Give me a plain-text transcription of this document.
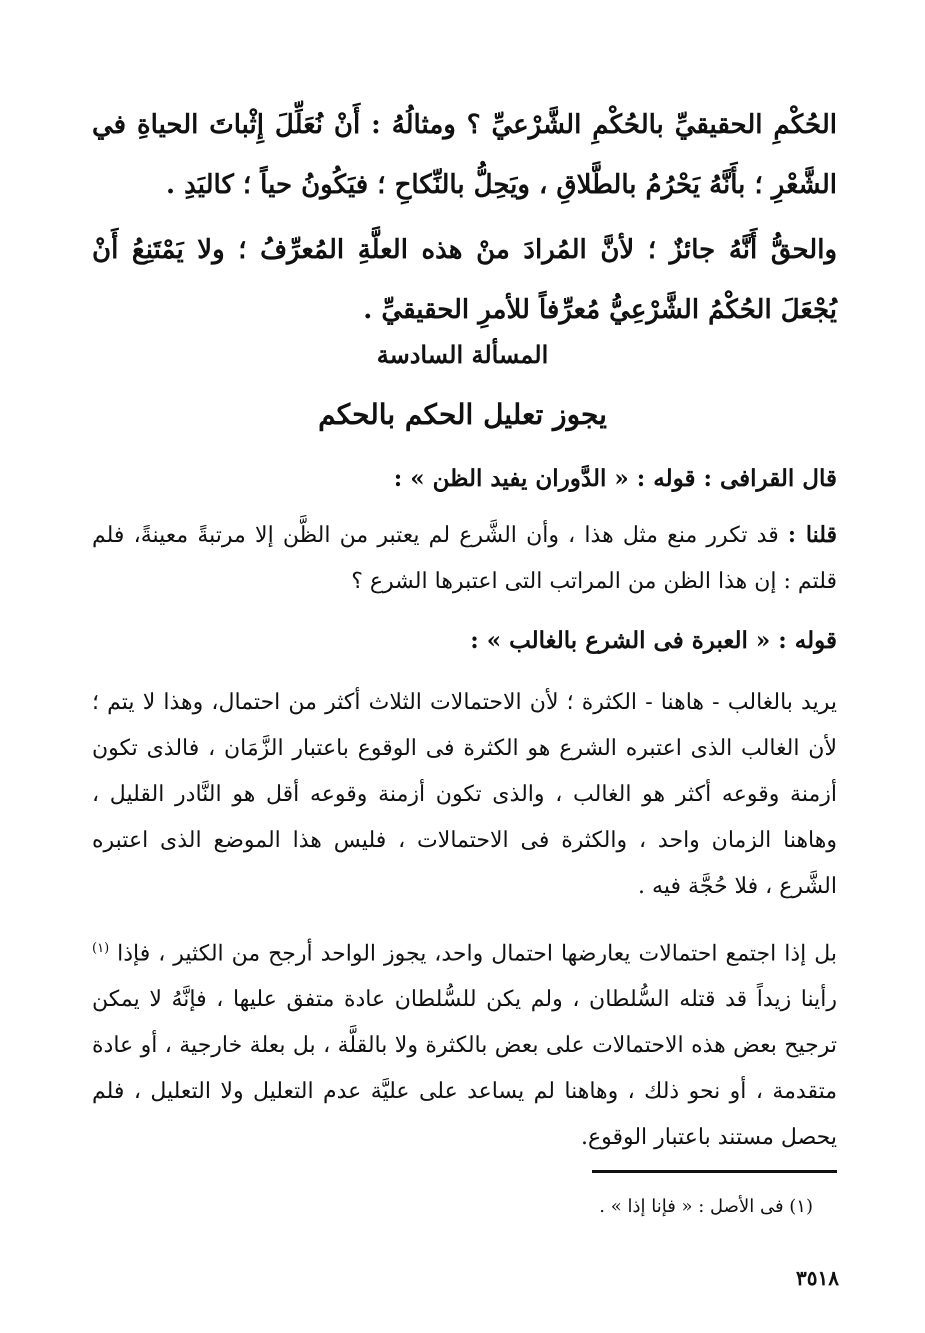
الحُكْمِ الحقيقيِّ بالحُكْمِ الشَّرْعيِّ ؟ ومثالُهُ : أَنْ نُعَلِّلَ إِثْباتَ الحياةِ في الشَّعْرِ ؛ بأَنَّهُ يَحْرُمُ بالطَّلاقِ ، ويَحِلُّ بالنِّكاحِ ؛ فيَكُونُ حياً ؛ كاليَدِ .

والحقُّ أَنَّهُ جائزٌ ؛ لأنَّ المُرادَ منْ هذه العلَّةِ المُعرِّفُ ؛ ولا يَمْتَنِعُ أَنْ يُجْعَلَ الحُكْمُ الشَّرْعِيُّ مُعرِّفاً للأمرِ الحقيقيِّ .

المسألة السادسة
يجوز تعليل الحكم بالحكم

قال القرافى : قوله : « الدَّوران يفيد الظن » :

قلنا : قد تكرر منع مثل هذا ، وأن الشَّرع لم يعتبر من الظَّن إلا مرتبةً معينةً، فلم قلتم : إن هذا الظن من المراتب التى اعتبرها الشرع ؟

قوله : « العبرة فى الشرع بالغالب » :

يريد بالغالب - هاهنا - الكثرة ؛ لأن الاحتمالات الثلاث أكثر من احتمال، وهذا لا يتم ؛ لأن الغالب الذى اعتبره الشرع هو الكثرة فى الوقوع باعتبار الزَّمَان ، فالذى تكون أزمنة وقوعه أكثر هو الغالب ، والذى تكون أزمنة وقوعه أقل هو النَّادر القليل ، وهاهنا الزمان واحد ، والكثرة فى الاحتمالات ، فليس هذا الموضع الذى اعتبره الشَّرع ، فلا حُجَّة فيه .

بل إذا اجتمع احتمالات يعارضها احتمال واحد، يجوز الواحد أرجح من الكثير ، فإذا $^{(١)}$ رأينا زيداً قد قتله السُّلطان ، ولم يكن للسُّلطان عادة متفق عليها ، فإنَّهُ لا يمكن ترجيح بعض هذه الاحتمالات على بعض بالكثرة ولا بالقلَّة ، بل بعلة خارجية ، أو عادة متقدمة ، أو نحو ذلك ، وهاهنا لم يساعد على عليَّة عدم التعليل ولا التعليل ، فلم يحصل مستند باعتبار الوقوع.

(١) فى الأصل : « فإنا إذا » .
٣٥١٨
